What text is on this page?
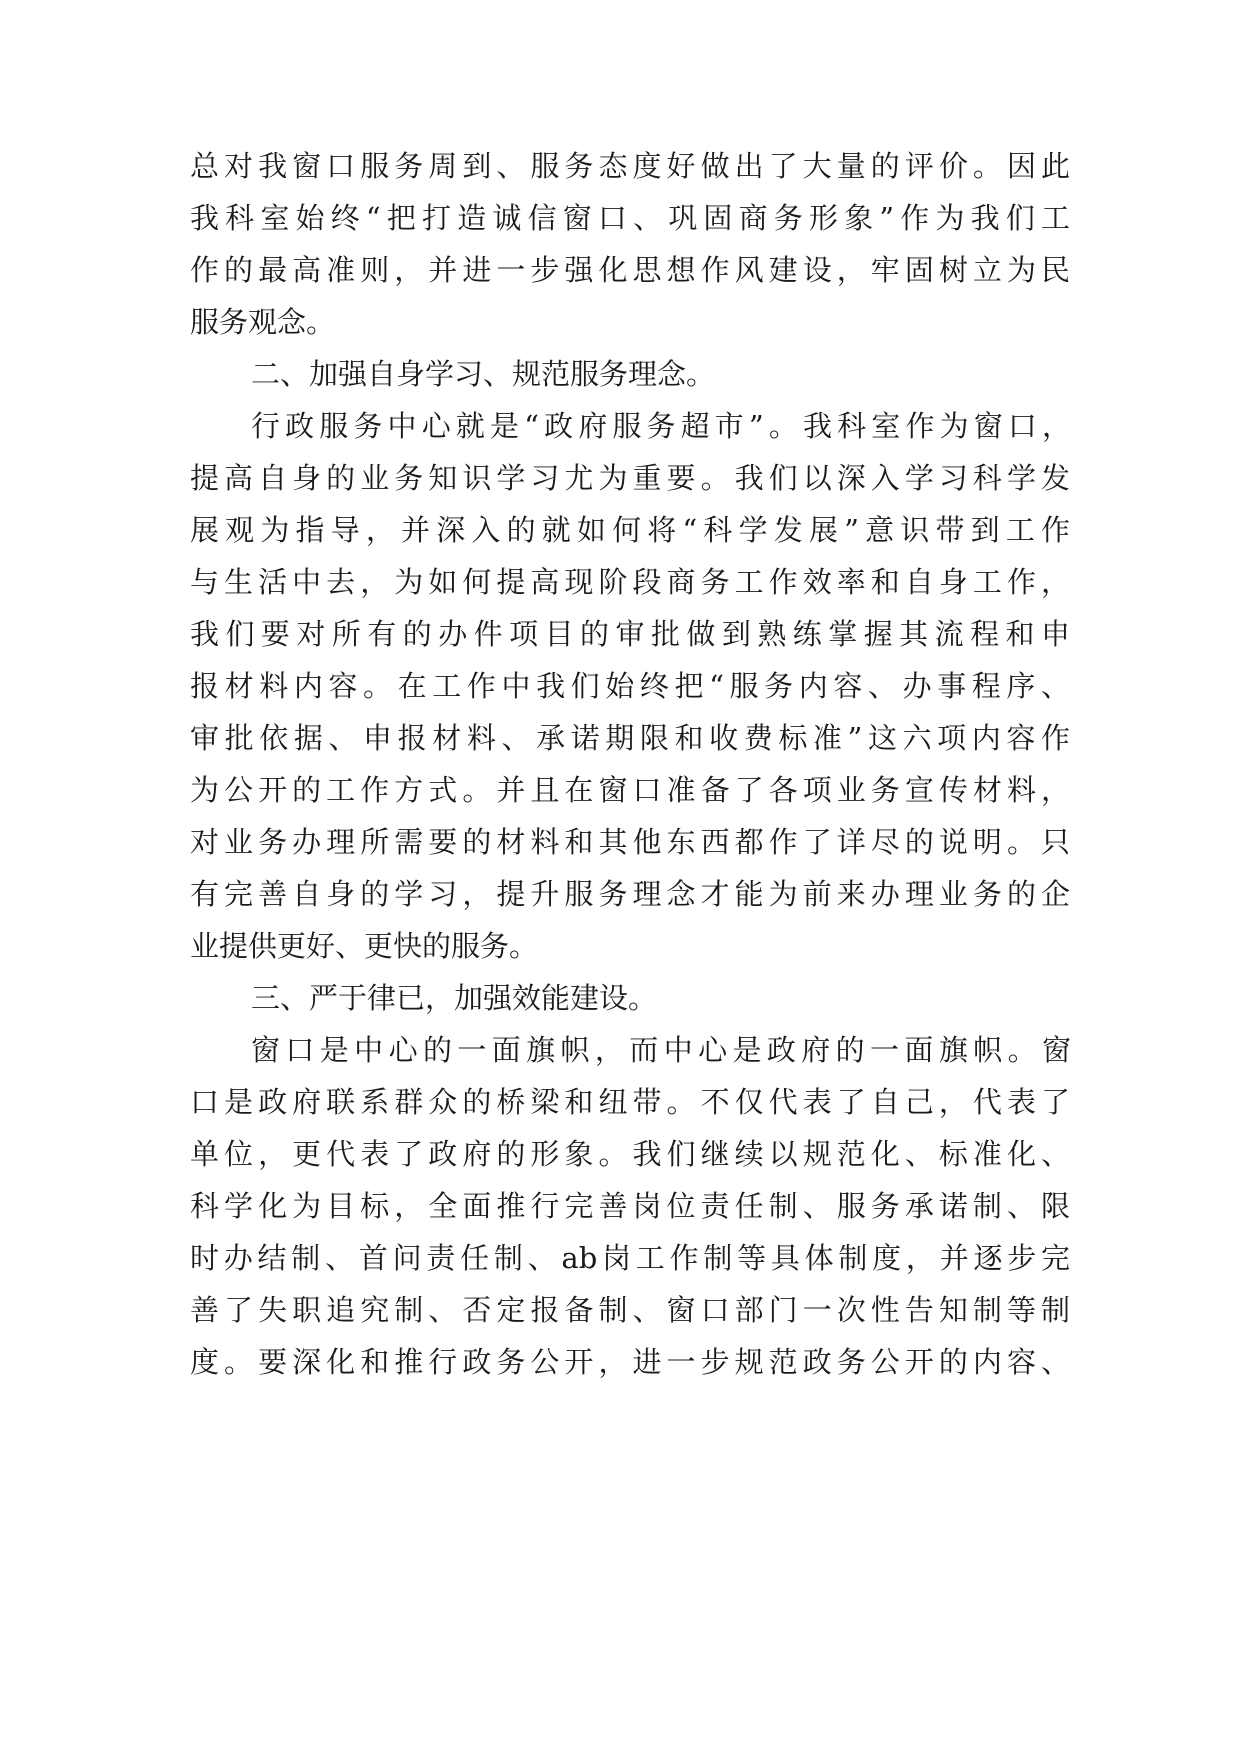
总对我窗口服务周到、服务态度好做出了大量的评价。因此

我科室始终“把打造诚信窗口、巩固商务形象”作为我们工

作的最高准则，并进一步强化思想作风建设，牢固树立为民

服务观念。

二、加强自身学习、规范服务理念。

行政服务中心就是“政府服务超市”。我科室作为窗口，

提高自身的业务知识学习尤为重要。我们以深入学习科学发

展观为指导，并深入的就如何将“科学发展”意识带到工作

与生活中去，为如何提高现阶段商务工作效率和自身工作，

我们要对所有的办件项目的审批做到熟练掌握其流程和申

报材料内容。在工作中我们始终把“服务内容、办事程序、

审批依据、申报材料、承诺期限和收费标准”这六项内容作

为公开的工作方式。并且在窗口准备了各项业务宣传材料，

对业务办理所需要的材料和其他东西都作了详尽的说明。只

有完善自身的学习，提升服务理念才能为前来办理业务的企

业提供更好、更快的服务。

三、严于律已，加强效能建设。

窗口是中心的一面旗帜，而中心是政府的一面旗帜。窗

口是政府联系群众的桥梁和纽带。不仅代表了自己，代表了

单位，更代表了政府的形象。我们继续以规范化、标准化、

科学化为目标，全面推行完善岗位责任制、服务承诺制、限

时办结制、首问责任制、ab岗工作制等具体制度，并逐步完

善了失职追究制、否定报备制、窗口部门一次性告知制等制

度。要深化和推行政务公开，进一步规范政务公开的内容、
